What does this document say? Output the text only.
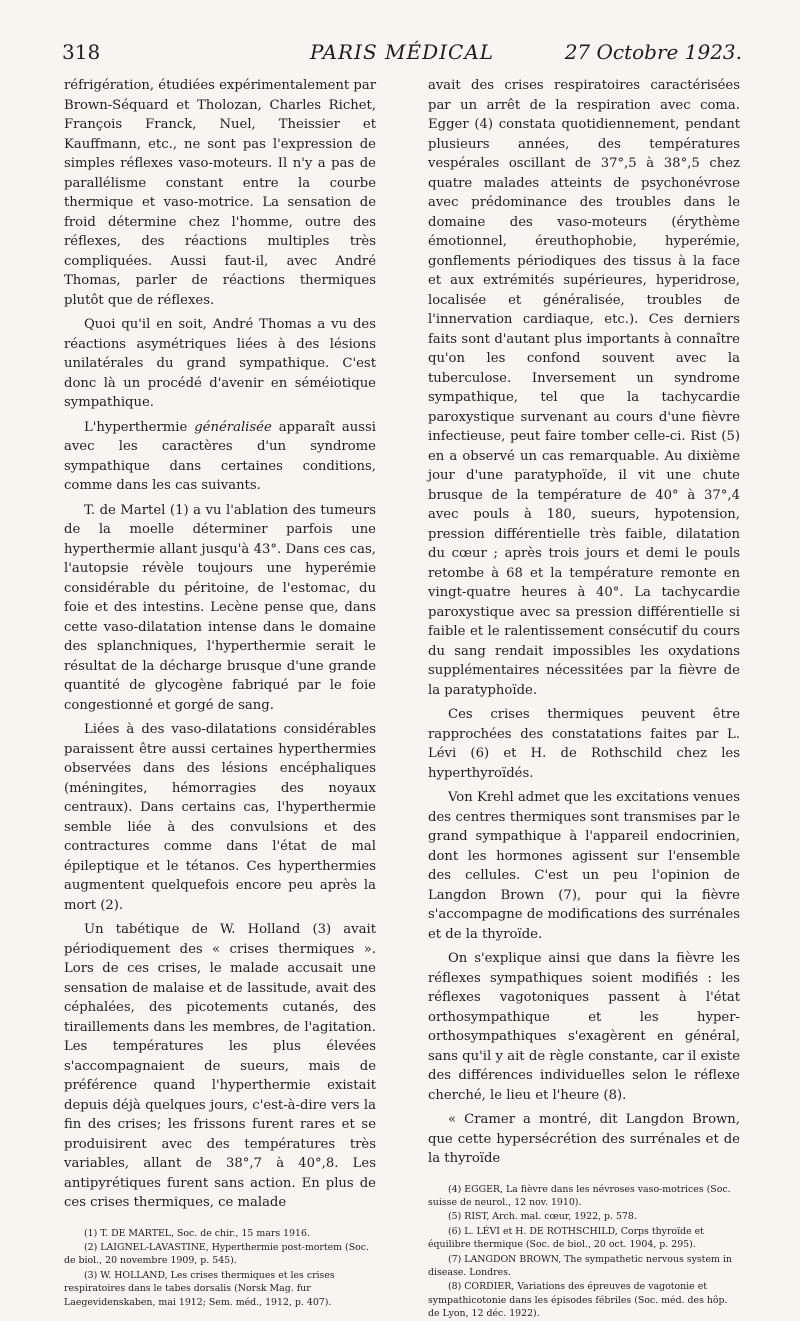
318	PARIS MÉDICAL	27 Octobre 1923.

réfrigération, étudiées expérimentalement par Brown-Séquard et Tholozan, Charles Richet, François Franck, Nuel, Theissier et Kauffmann, etc., ne sont pas l'expression de simples réflexes vaso-moteurs. Il n'y a pas de parallélisme constant entre la courbe thermique et vaso-motrice. La sensation de froid détermine chez l'homme, outre des réflexes, des réactions multiples très compliquées. Aussi faut-il, avec André Thomas, parler de réactions thermiques plutôt que de réflexes.

Quoi qu'il en soit, André Thomas a vu des réactions asymétriques liées à des lésions unilatérales du grand sympathique. C'est donc là un procédé d'avenir en séméiotique sympathique.

L'hyperthermie généralisée apparaît aussi avec les caractères d'un syndrome sympathique dans certaines conditions, comme dans les cas suivants.

T. de Martel (1) a vu l'ablation des tumeurs de la moelle déterminer parfois une hyperthermie allant jusqu'à 43°. Dans ces cas, l'autopsie révèle toujours une hyperémie considérable du péritoine, de l'estomac, du foie et des intestins. Lecène pense que, dans cette vaso-dilatation intense dans le domaine des splanchniques, l'hyperthermie serait le résultat de la décharge brusque d'une grande quantité de glycogène fabriqué par le foie congestionné et gorgé de sang.

Liées à des vaso-dilatations considérables paraissent être aussi certaines hyperthermies observées dans des lésions encéphaliques (méningites, hémorragies des noyaux centraux). Dans certains cas, l'hyperthermie semble liée à des convulsions et des contractures comme dans l'état de mal épileptique et le tétanos. Ces hyperthermies augmentent quelquefois encore peu après la mort (2).

Un tabétique de W. Holland (3) avait périodiquement des « crises thermiques ». Lors de ces crises, le malade accusait une sensation de malaise et de lassitude, avait des céphalées, des picotements cutanés, des tiraillements dans les membres, de l'agitation. Les températures les plus élevées s'accompagnaient de sueurs, mais de préférence quand l'hyperthermie existait depuis déjà quelques jours, c'est-à-dire vers la fin des crises; les frissons furent rares et se produisirent avec des températures très variables, allant de 38°,7 à 40°,8. Les antipyrétiques furent sans action. En plus de ces crises thermiques, ce malade

(1) T. DE MARTEL, Soc. de chir., 15 mars 1916.

(2) LAIGNEL-LAVASTINE, Hyperthermie post-mortem (Soc. de biol., 20 novembre 1909, p. 545).

(3) W. HOLLAND, Les crises thermiques et les crises respiratoires dans le tabes dorsalis (Norsk Mag. fur Laegevidenskaben, mai 1912; Sem. méd., 1912, p. 407).

avait des crises respiratoires caractérisées par un arrêt de la respiration avec coma. Egger (4) constata quotidiennement, pendant plusieurs années, des températures vespérales oscillant de 37°,5 à 38°,5 chez quatre malades atteints de psychonévrose avec prédominance des troubles dans le domaine des vaso-moteurs (érythème émotionnel, éreuthophobie, hyperémie, gonflements périodiques des tissus à la face et aux extrémités supérieures, hyperidrose, localisée et généralisée, troubles de l'innervation cardiaque, etc.). Ces derniers faits sont d'autant plus importants à connaître qu'on les confond souvent avec la tuberculose. Inversement un syndrome sympathique, tel que la tachycardie paroxystique survenant au cours d'une fièvre infectieuse, peut faire tomber celle-ci. Rist (5) en a observé un cas remarquable. Au dixième jour d'une paratyphoïde, il vit une chute brusque de la température de 40° à 37°,4 avec pouls à 180, sueurs, hypotension, pression différentielle très faible, dilatation du cœur ; après trois jours et demi le pouls retombe à 68 et la température remonte en vingt-quatre heures à 40°. La tachycardie paroxystique avec sa pression différentielle si faible et le ralentissement consécutif du cours du sang rendait impossibles les oxydations supplémentaires nécessitées par la fièvre de la paratyphoïde.

Ces crises thermiques peuvent être rapprochées des constatations faites par L. Lévi (6) et H. de Rothschild chez les hyperthyroïdés.

Von Krehl admet que les excitations venues des centres thermiques sont transmises par le grand sympathique à l'appareil endocrinien, dont les hormones agissent sur l'ensemble des cellules. C'est un peu l'opinion de Langdon Brown (7), pour qui la fièvre s'accompagne de modifications des surrénales et de la thyroïde.

On s'explique ainsi que dans la fièvre les réflexes sympathiques soient modifiés : les réflexes vagotoniques passent à l'état orthosympathique et les hyper-orthosympathiques s'exagèrent en général, sans qu'il y ait de règle constante, car il existe des différences individuelles selon le réflexe cherché, le lieu et l'heure (8).

« Cramer a montré, dit Langdon Brown, que cette hypersécrétion des surrénales et de la thyroïde

(4) EGGER, La fièvre dans les névroses vaso-motrices (Soc. suisse de neurol., 12 nov. 1910).

(5) RIST, Arch. mal. cœur, 1922, p. 578.

(6) L. LÉVI et H. DE ROTHSCHILD, Corps thyroïde et équilibre thermique (Soc. de biol., 20 oct. 1904, p. 295).

(7) LANGDON BROWN, The sympathetic nervous system in disease. Londres.

(8) CORDIER, Variations des épreuves de vagotonie et sympathicotonie dans les épisodes fébriles (Soc. méd. des hôp. de Lyon, 12 déc. 1922).
